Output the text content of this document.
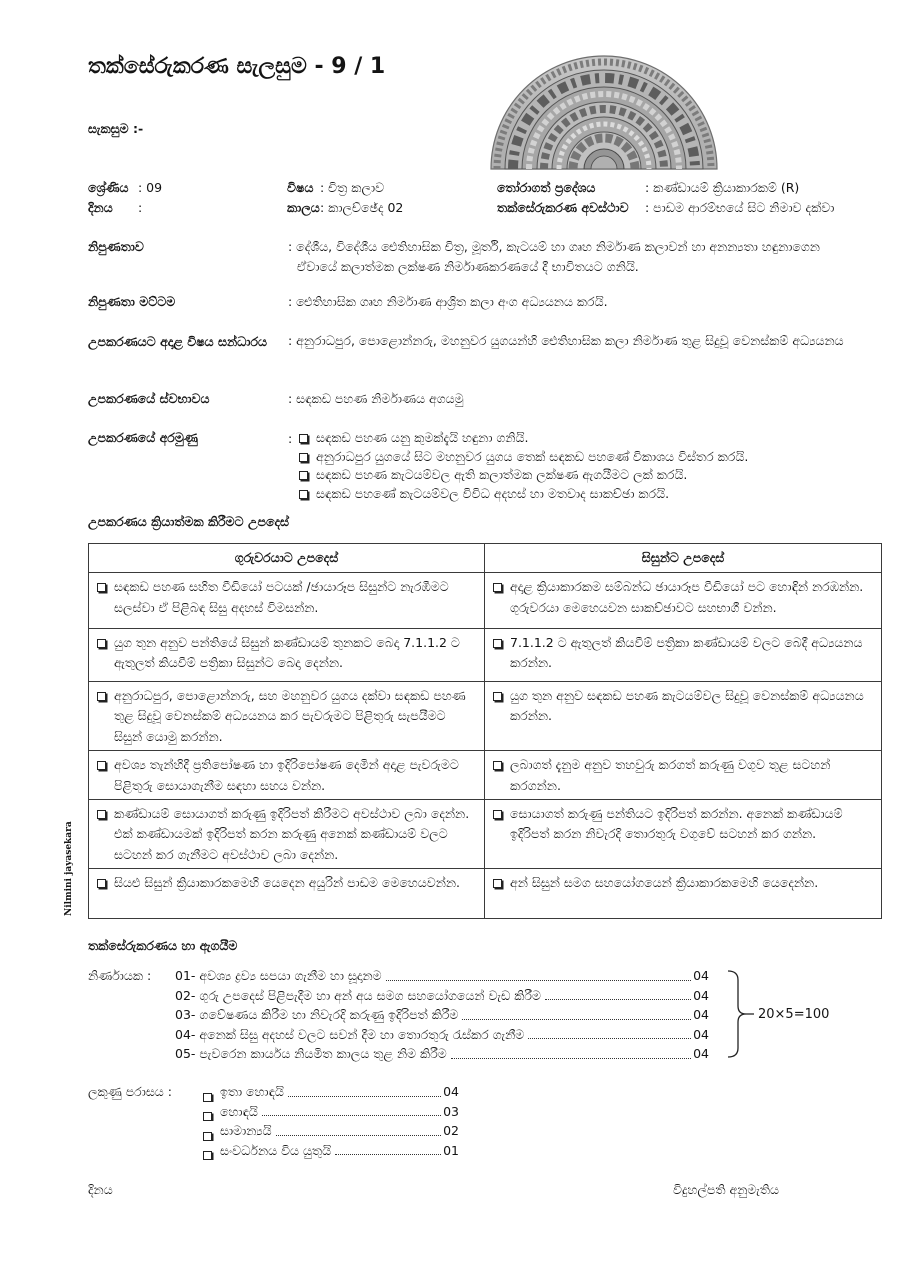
තක්සේරුකරණ සැලසුම - 9 / 1
සැකසුම :-
ශ්‍රේණිය : 09	විෂය : චිත්‍ර කලාව	තෝරාගත් ප්‍රදේශය	: කණ්ඩායම් ක්‍රියාකාරකම් (R)
දිනය	:	කාලය : කාලච්ඡේද 02	තක්සේරුකරණ අවස්ථාව	: පාඩම ආරම්භයේ සිට නිමාව දක්වා
නිපුණතාව	: දේශීය, විදේශීය ඓතිහාසික චිත්‍ර, මූර්ති, කැටයම් හා ගෘහ නිර්මාණ කලාවන් හා අනන්‍යතා හඳුනාගෙන ඒවායේ කලාත්මක ලක්ෂණ නිර්මාණකරණයේ දී භාවිතයට ගනියි.
නිපුණතා මට්ටම	: ඓතිහාසික ගෘහ නිර්මාණ ආශ්‍රිත කලා අංග අධ්‍යයනය කරයි.
උපකරණයට අදාළ විෂය සන්ධාරය	: අනුරාධපුර, පොළොන්නරු, මහනුවර යුගයන්හි ඓතිහාසික කලා නිර්මාණ තුළ සිදුවූ වෙනස්කම් අධ්‍යයනය
උපකරණයේ ස්වභාවය	: සඳකඩ පහණ නිර්මාණය අගයමු
උපකරණයේ අරමුණු	:	සඳකඩ පහණ යනු කුමක්දැයි හඳුනා ගනියි.
අනුරාධපුර යුගයේ සිට මහනුවර යුගය තෙක් සඳකඩ පහණේ විකාශය විස්තර කරයි.
සඳකඩ පහණ කැටයම්වල ඇති කලාත්මක ලක්ෂණ ඇගයීමට ලක් කරයි.
සඳකඩ පහණේ කැටයම්වල විවිධ අදහස් හා මතවාද සාකච්ඡා කරයි.
උපකරණය ක්‍රියාත්මක කිරීමට උපදෙස්
ගුරුවරයාට උපදෙස්	සිසුන්ට උපදෙස්

සඳකඩ පහණ සහිත වීඩියෝ පටයක් /ඡායාරූප සිසුන්ට නැරඹීමට සලස්වා ඒ පිළිබඳ සිසු අදහස් විමසන්න.	අදාළ ක්‍රියාකාරකම සම්බන්ධ ඡායාරූප වීඩියෝ පට හොඳින් නරඹන්න. ගුරුවරයා මෙහෙයවන සාකච්ඡාවට සහභාගී වන්න.

යුග තුන අනුව පන්තියේ සිසුන් කණ්ඩායම් තුනකට බෙදා 7.1.1.2 ට ඇතුලත් කියවීම් පත්‍රිකා සිසුන්ට බෙදා දෙන්න.	7.1.1.2 ට ඇතුලත් කියවීම් පත්‍රිකා කණ්ඩායම් වලට බෙදී අධ්‍යයනය කරන්න.

අනුරාධපුර, පොළොන්නරු, සහ මහනුවර යුගය දක්වා සඳකඩ පහණ තුළ සිදුවූ වෙනස්කම් අධ්‍යයනය කර පැවරුමට පිළිතුරු සැපයීමට සිසුන් යොමු කරන්න.	යුග තුන අනුව සඳකඩ පහණ කැටයම්වල සිදුවූ වෙනස්කම් අධ්‍යයනය කරන්න.

අවශ්‍ය තැන්හිදී ප්‍රතිපෝෂණ හා ඉදිරිපෝෂණ දෙමින් අදාළ පැවරුමට පිළිතුරු සොයාගැනීම සඳහා සහය වන්න.	ලබාගත් දැනුම අනුව තහවුරු කරගත් කරුණු වගුව තුළ සටහන් කරගන්න.

කණ්ඩායම් සොයාගත් කරුණු ඉදිරිපත් කිරීමට අවස්ථාව ලබා දෙන්න. එක් කණ්ඩායමක් ඉදිරිපත් කරන කරුණු අනෙක් කණ්ඩායම් වලට සටහන් කර ගැනීමට අවස්ථාව ලබා දෙන්න.	සොයාගත් කරුණු පන්තියට ඉදිරිපත් කරන්න. අනෙක් කණ්ඩායම් ඉදිරිපත් කරන නිවැරදි තොරතුරු වගුවේ සටහන් කර ගන්න.

සියළු සිසුන් ක්‍රියාකාරකමෙහි යෙදෙන අයුරින් පාඩම මෙහෙයවන්න.	අන් සිසුන් සමග සහයෝගයෙන් ක්‍රියාකාරකමෙහි යෙදෙන්න.
Nilmini jayasekara
තක්සේරුකරණය හා ඇගයීම
නිර්ණායක :	01- අවශ්‍ය ද්‍රව්‍ය සපයා ගැනීම හා සූදානම	04
02- ගුරු උපදෙස් පිළිපැදීම හා අන් අය සමග සහයෝගයෙන් වැඩ කිරීම	04
03- ගවේෂණය කිරීම හා නිවැරදි කරුණු ඉදිරිපත් කිරීම	04
04- අනෙක් සිසු අදහස් වලට සවන් දීම හා තොරතුරු රැස්කර ගැනීම	04
05- පැවරෙන කාර්යය නියමිත කාලය තුළ නිම කිරීම	04
20×5=100
ලකුණු පරාසය :	ඉතා හොඳයි	04
හොඳයි	03
සාමාන්‍යයි	02
සංවර්ධනය විය යුතුයි	01
දිනය	විදුහල්පති අනුමැතිය
